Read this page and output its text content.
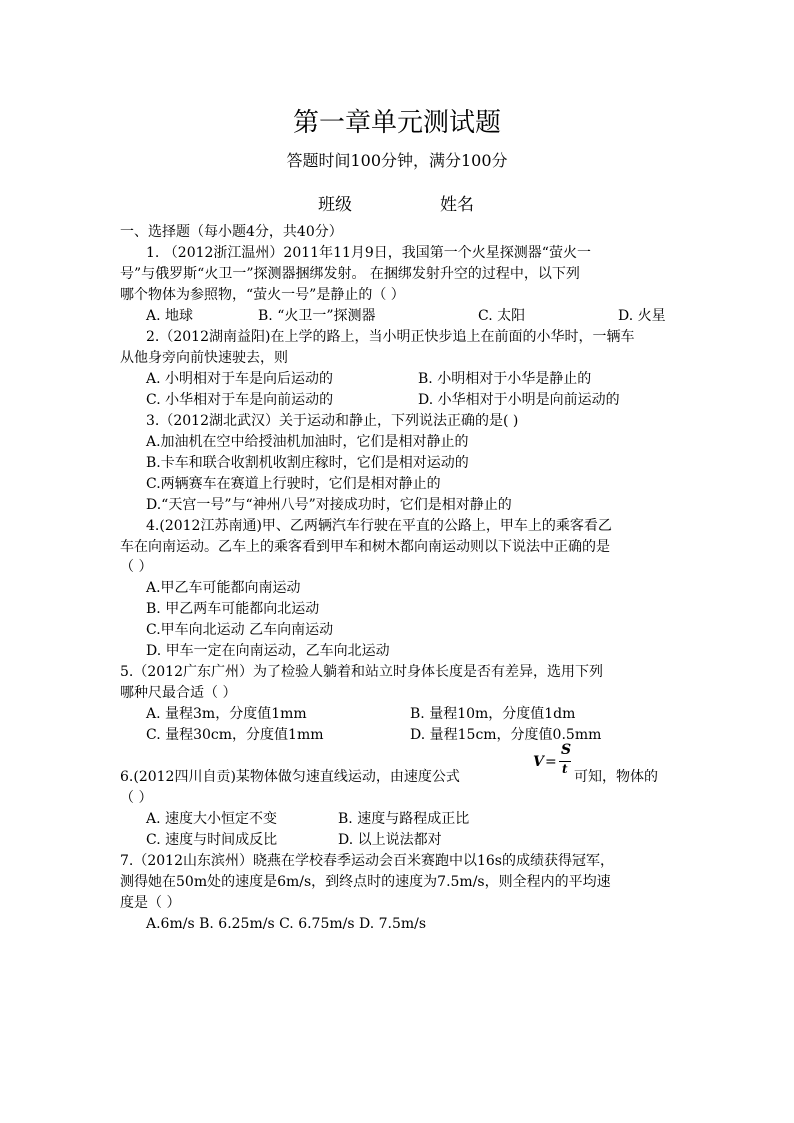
第一章单元测试题
答题时间100分钟，满分100分
班级	姓名
一、选择题（每小题4分，共40分）
1. （2012浙江温州）2011年11月9日，我国第一个火星探测器“萤火一
号”与俄罗斯“火卫一”探测器捆绑发射。 在捆绑发射升空的过程中，以下列
哪个物体为参照物，“萤火一号”是静止的（ ）
A. 地球	B. “火卫一”探测器	C. 太阳	D. 火星
2.（2012湖南益阳)在上学的路上，当小明正快步追上在前面的小华时，一辆车
从他身旁向前快速驶去，则
A. 小明相对于车是向后运动的	B. 小明相对于小华是静止的
C. 小华相对于车是向前运动的	D. 小华相对于小明是向前运动的
3.（2012湖北武汉）关于运动和静止，下列说法正确的是( )
A.加油机在空中给授油机加油时，它们是相对静止的
B.卡车和联合收割机收割庄稼时，它们是相对运动的
C.两辆赛车在赛道上行驶时，它们是相对静止的
D.“天宫一号”与“神州八号”对接成功时，它们是相对静止的
4.(2012江苏南通)甲、乙两辆汽车行驶在平直的公路上，甲车上的乘客看乙
车在向南运动。乙车上的乘客看到甲车和树木都向南运动则以下说法中正确的是
（ ）
A.甲乙车可能都向南运动
B. 甲乙两车可能都向北运动
C.甲车向北运动 乙车向南运动
D. 甲车一定在向南运动，乙车向北运动
5.（2012广东广州）为了检验人躺着和站立时身体长度是否有差异，选用下列
哪种尺最合适（ ）
A. 量程3m，分度值1mm	B. 量程10m，分度值1dm
C. 量程30cm，分度值1mm	D. 量程15cm，分度值0.5mm
6.(2012四川自贡)某物体做匀速直线运动，由速度公式
V =
S
t 可知，物体的
（ ）
A. 速度大小恒定不变	B. 速度与路程成正比
C. 速度与时间成反比	D. 以上说法都对
7.（2012山东滨州）晓燕在学校春季运动会百米赛跑中以16s的成绩获得冠军，
测得她在50m处的速度是6m/s，到终点时的速度为7.5m/s，则全程内的平均速
度是（ ）
A.6m/s B. 6.25m/s C. 6.75m/s D. 7.5m/s
